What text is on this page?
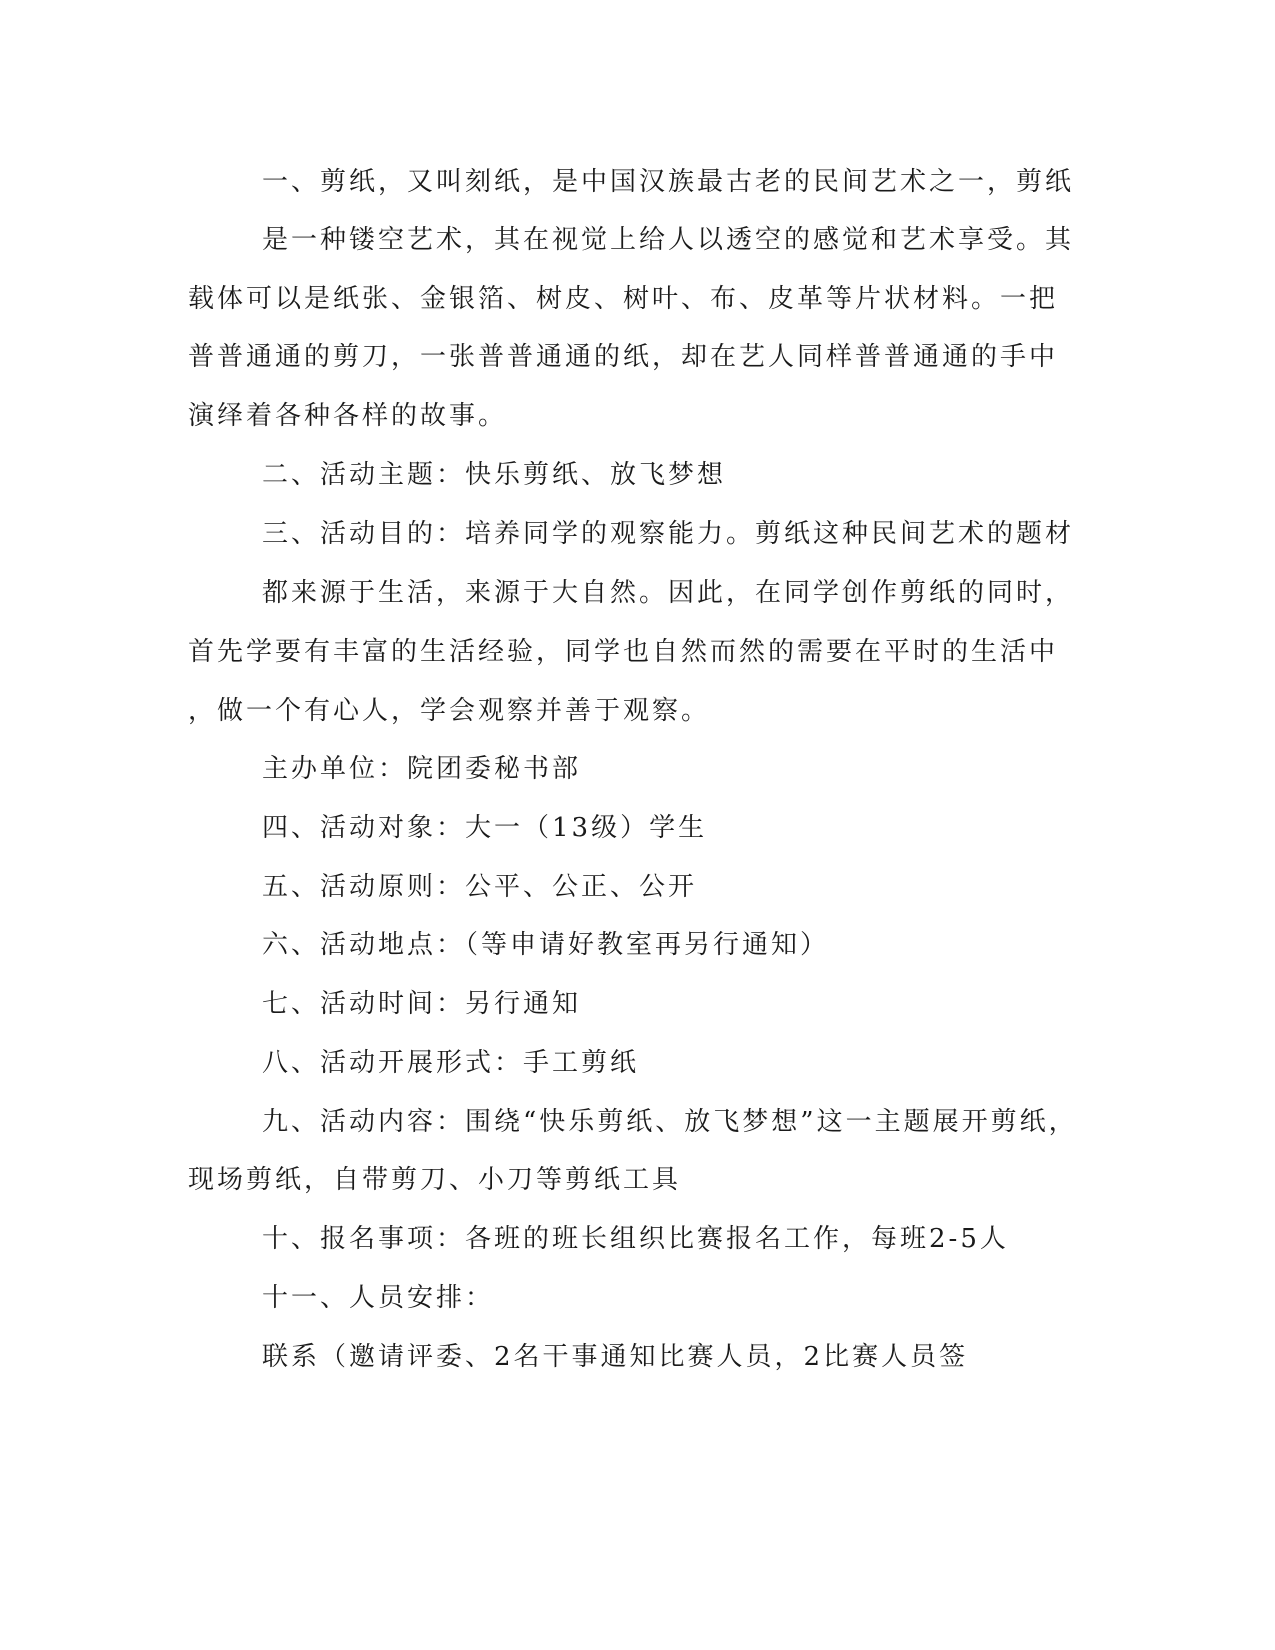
一、剪纸，又叫刻纸，是中国汉族最古老的民间艺术之一，剪纸
是一种镂空艺术，其在视觉上给人以透空的感觉和艺术享受。其
载体可以是纸张、金银箔、树皮、树叶、布、皮革等片状材料。一把
普普通通的剪刀，一张普普通通的纸，却在艺人同样普普通通的手中
演绎着各种各样的故事。
二、活动主题：快乐剪纸、放飞梦想
三、活动目的：培养同学的观察能力。剪纸这种民间艺术的题材
都来源于生活，来源于大自然。因此，在同学创作剪纸的同时，
首先学要有丰富的生活经验，同学也自然而然的需要在平时的生活中
，做一个有心人，学会观察并善于观察。
主办单位：院团委秘书部
四、活动对象：大一（13级）学生
五、活动原则：公平、公正、公开
六、活动地点：（等申请好教室再另行通知）
七、活动时间：另行通知
八、活动开展形式：手工剪纸
九、活动内容：围绕“快乐剪纸、放飞梦想”这一主题展开剪纸，
现场剪纸，自带剪刀、小刀等剪纸工具
十、报名事项：各班的班长组织比赛报名工作，每班2-5人
十一、人员安排：
联系（邀请评委、2名干事通知比赛人员，2比赛人员签
